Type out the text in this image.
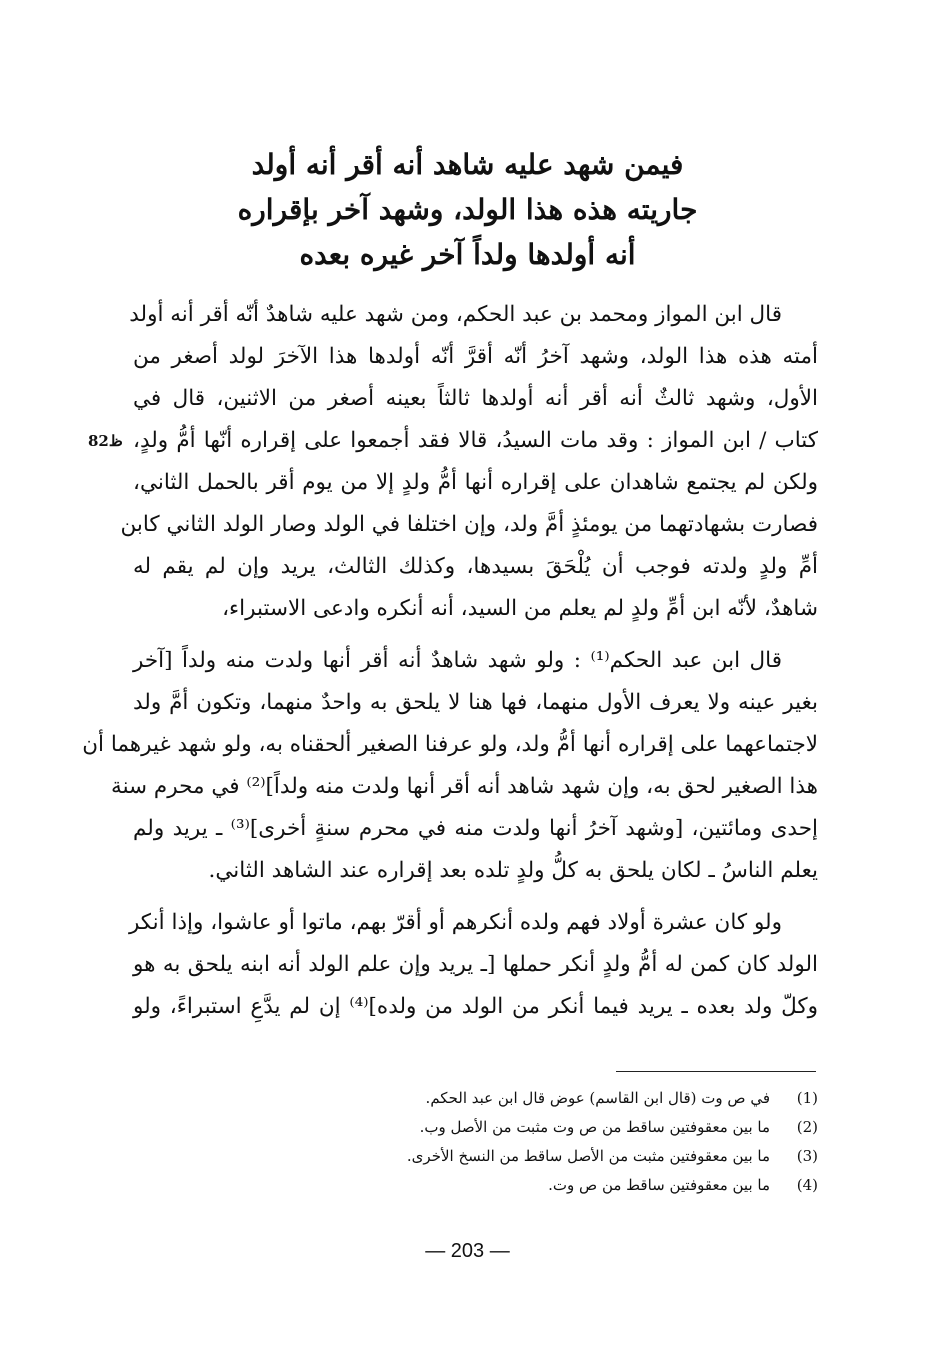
فيمن شهد عليه شاهد أنه أقر أنه أولد
جاريته هذه هذا الولد، وشهد آخر بإقراره
أنه أولدها ولداً آخر غيره بعده
ظ82
قال ابن المواز ومحمد بن عبد الحكم، ومن شهد عليه شاهدٌ أنّه أقر أنه أولد
أمته هذه هذا الولد، وشهد آخرُ أنّه أقرَّ أنّه أولدها هذا الآخرَ لولد أصغر من
الأول، وشهد ثالثٌ أنه أقر أنه أولدها ثالثاً بعينه أصغر من الاثنين، قال في
كتاب / ابن المواز : وقد مات السيدُ، قالا فقد أجمعوا على إقراره أنّها أمُّ ولدٍ،
ولكن لم يجتمع شاهدان على إقراره أنها أمُّ ولدٍ إلا من يوم أقر بالحمل الثاني،
فصارت بشهادتهما من يومئذٍ أمَّ ولد، وإن اختلفا في الولد وصار الولد الثاني كابن
أمِّ ولدٍ ولدته فوجب أن يُلْحَقَ بسيدها، وكذلك الثالث، يريد وإن لم يقم له
شاهدٌ، لأنّه ابن أمِّ ولدٍ لم يعلم من السيد، أنه أنكره وادعى الاستبراء،
قال ابن عبد الحكم⁽¹⁾ : ولو شهد شاهدٌ أنه أقر أنها ولدت منه ولداً [آخر
بغير عينه ولا يعرف الأول منهما، فها هنا لا يلحق به واحدٌ منهما، وتكون أمَّ ولد
لاجتماعهما على إقراره أنها أمُّ ولد، ولو عرفنا الصغير ألحقناه به، ولو شهد غيرهما أن
هذا الصغير لحق به، وإن شهد شاهد أنه أقر أنها ولدت منه ولداً]⁽²⁾ في محرم سنة
إحدى ومائتين، [وشهد آخرُ أنها ولدت منه في محرم سنةٍ أخرى]⁽³⁾ ـ يريد ولم
يعلم الناسُ ـ لكان يلحق به كلُّ ولدٍ تلده بعد إقراره عند الشاهد الثاني.
ولو كان عشرة أولاد فهم ولده أنكرهم أو أقرّ بهم، ماتوا أو عاشوا، وإذا أنكر
الولد كان كمن له أمُّ ولدٍ أنكر حملها [ـ يريد وإن علم الولد أنه ابنه يلحق به هو
وكلّ ولد بعده ـ يريد فيما أنكر من الولد من ولده]⁽⁴⁾ إن لم يدَّعِ استبراءً، ولو
(1)في ص وت (قال ابن القاسم) عوض قال ابن عبد الحكم.
(2)ما بين معقوفتين ساقط من ص وت مثبت من الأصل وب.
(3)ما بين معقوفتين مثبت من الأصل ساقط من النسخ الأخرى.
(4)ما بين معقوفتين ساقط من ص وت.
— 203 —
